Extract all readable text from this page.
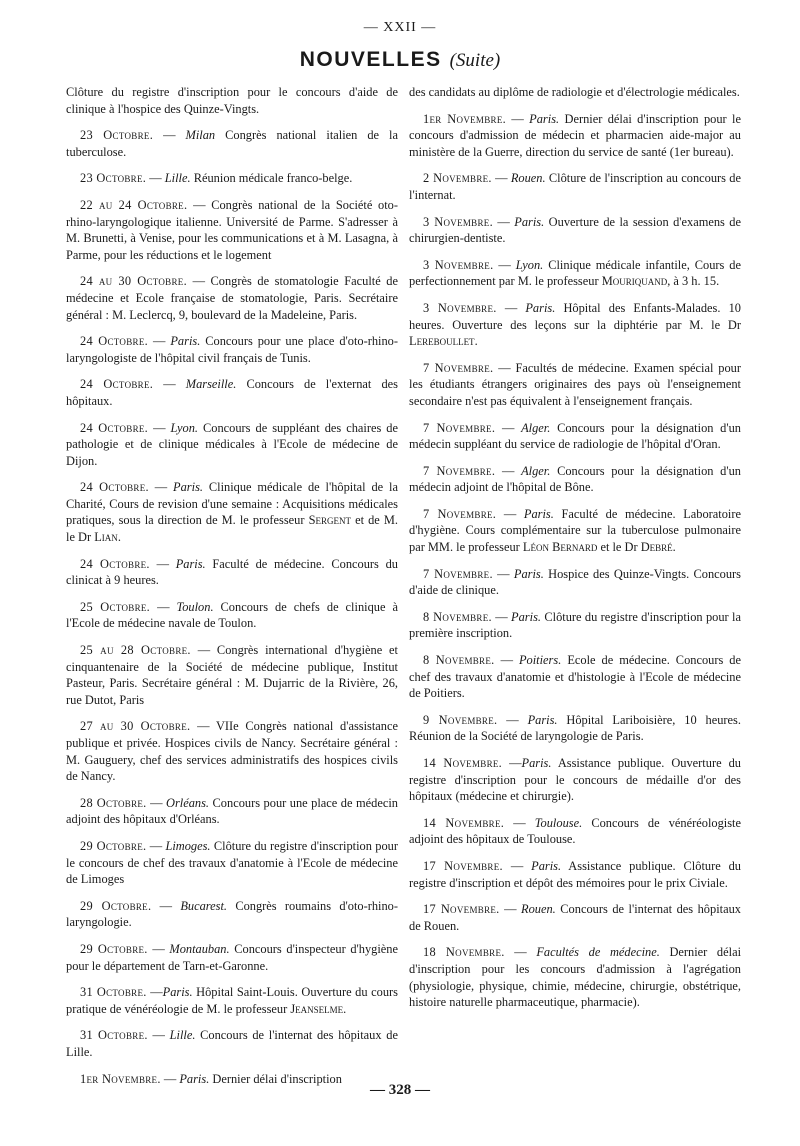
— XXII —
NOUVELLES (Suite)

Clôture du registre d'inscription pour le concours d'aide de clinique à l'hospice des Quinze-Vingts.

23 Octobre. — Milan Congrès national italien de la tuberculose.

23 Octobre. — Lille. Réunion médicale franco-belge.

22 au 24 Octobre. — Congrès national de la Société oto-rhino-laryngologique italienne. Université de Parme. S'adresser à M. Brunetti, à Venise, pour les communications et à M. Lasagna, à Parme, pour les réductions et le logement

24 au 30 Octobre. — Congrès de stomatologie Faculté de médecine et Ecole française de stomatologie, Paris. Secrétaire général : M. Leclercq, 9, boulevard de la Madeleine, Paris.

24 Octobre. — Paris. Concours pour une place d'oto-rhino-laryngologiste de l'hôpital civil français de Tunis.

24 Octobre. — Marseille. Concours de l'externat des hôpitaux.

24 Octobre. — Lyon. Concours de suppléant des chaires de pathologie et de clinique médicales à l'Ecole de médecine de Dijon.

24 Octobre. — Paris. Clinique médicale de l'hôpital de la Charité, Cours de revision d'une semaine : Acquisitions médicales pratiques, sous la direction de M. le professeur Sergent et de M. le Dr Lian.

24 Octobre. — Paris. Faculté de médecine. Concours du clinicat à 9 heures.

25 Octobre. — Toulon. Concours de chefs de clinique à l'Ecole de médecine navale de Toulon.

25 au 28 Octobre. — Congrès international d'hygiène et cinquantenaire de la Société de médecine publique, Institut Pasteur, Paris. Secrétaire général : M. Dujarric de la Rivière, 26, rue Dutot, Paris

27 au 30 Octobre. — VIIe Congrès national d'assistance publique et privée. Hospices civils de Nancy. Secrétaire général : M. Gauguery, chef des services administratifs des hospices civils de Nancy.

28 Octobre. — Orléans. Concours pour une place de médecin adjoint des hôpitaux d'Orléans.

29 Octobre. — Limoges. Clôture du registre d'inscription pour le concours de chef des travaux d'anatomie à l'Ecole de médecine de Limoges

29 Octobre. — Bucarest. Congrès roumains d'oto-rhino-laryngologie.

29 Octobre. — Montauban. Concours d'inspecteur d'hygiène pour le département de Tarn-et-Garonne.

31 Octobre. —Paris. Hôpital Saint-Louis. Ouverture du cours pratique de vénéréologie de M. le professeur Jeanselme.

31 Octobre. — Lille. Concours de l'internat des hôpitaux de Lille.

1er Novembre. — Paris. Dernier délai d'inscription

des candidats au diplôme de radiologie et d'électrologie médicales.

1er Novembre. — Paris. Dernier délai d'inscription pour le concours d'admission de médecin et pharmacien aide-major au ministère de la Guerre, direction du service de santé (1er bureau).

2 Novembre. — Rouen. Clôture de l'inscription au concours de l'internat.

3 Novembre. — Paris. Ouverture de la session d'examens de chirurgien-dentiste.

3 Novembre. — Lyon. Clinique médicale infantile, Cours de perfectionnement par M. le professeur Mouriquand, à 3 h. 15.

3 Novembre. — Paris. Hôpital des Enfants-Malades. 10 heures. Ouverture des leçons sur la diphtérie par M. le Dr Lereboullet.

7 Novembre. — Facultés de médecine. Examen spécial pour les étudiants étrangers originaires des pays où l'enseignement secondaire n'est pas équivalent à l'enseignement français.

7 Novembre. — Alger. Concours pour la désignation d'un médecin suppléant du service de radiologie de l'hôpital d'Oran.

7 Novembre. — Alger. Concours pour la désignation d'un médecin adjoint de l'hôpital de Bône.

7 Novembre. — Paris. Faculté de médecine. Laboratoire d'hygiène. Cours complémentaire sur la tuberculose pulmonaire par MM. le professeur Léon Bernard et le Dr Debré.

7 Novembre. — Paris. Hospice des Quinze-Vingts. Concours d'aide de clinique.

8 Novembre. — Paris. Clôture du registre d'inscription pour la première inscription.

8 Novembre. — Poitiers. Ecole de médecine. Concours de chef des travaux d'anatomie et d'histologie à l'Ecole de médecine de Poitiers.

9 Novembre. — Paris. Hôpital Lariboisière, 10 heures. Réunion de la Société de laryngologie de Paris.

14 Novembre. —Paris. Assistance publique. Ouverture du registre d'inscription pour le concours de médaille d'or des hôpitaux (médecine et chirurgie).

14 Novembre. — Toulouse. Concours de vénéréologiste adjoint des hôpitaux de Toulouse.

17 Novembre. — Paris. Assistance publique. Clôture du registre d'inscription et dépôt des mémoires pour le prix Civiale.

17 Novembre. — Rouen. Concours de l'internat des hôpitaux de Rouen.

18 Novembre. — Facultés de médecine. Dernier délai d'inscription pour les concours d'admission à l'agrégation (physiologie, physique, chimie, médecine, chirurgie, obstétrique, histoire naturelle pharmaceutique, pharmacie).

— 328 —
